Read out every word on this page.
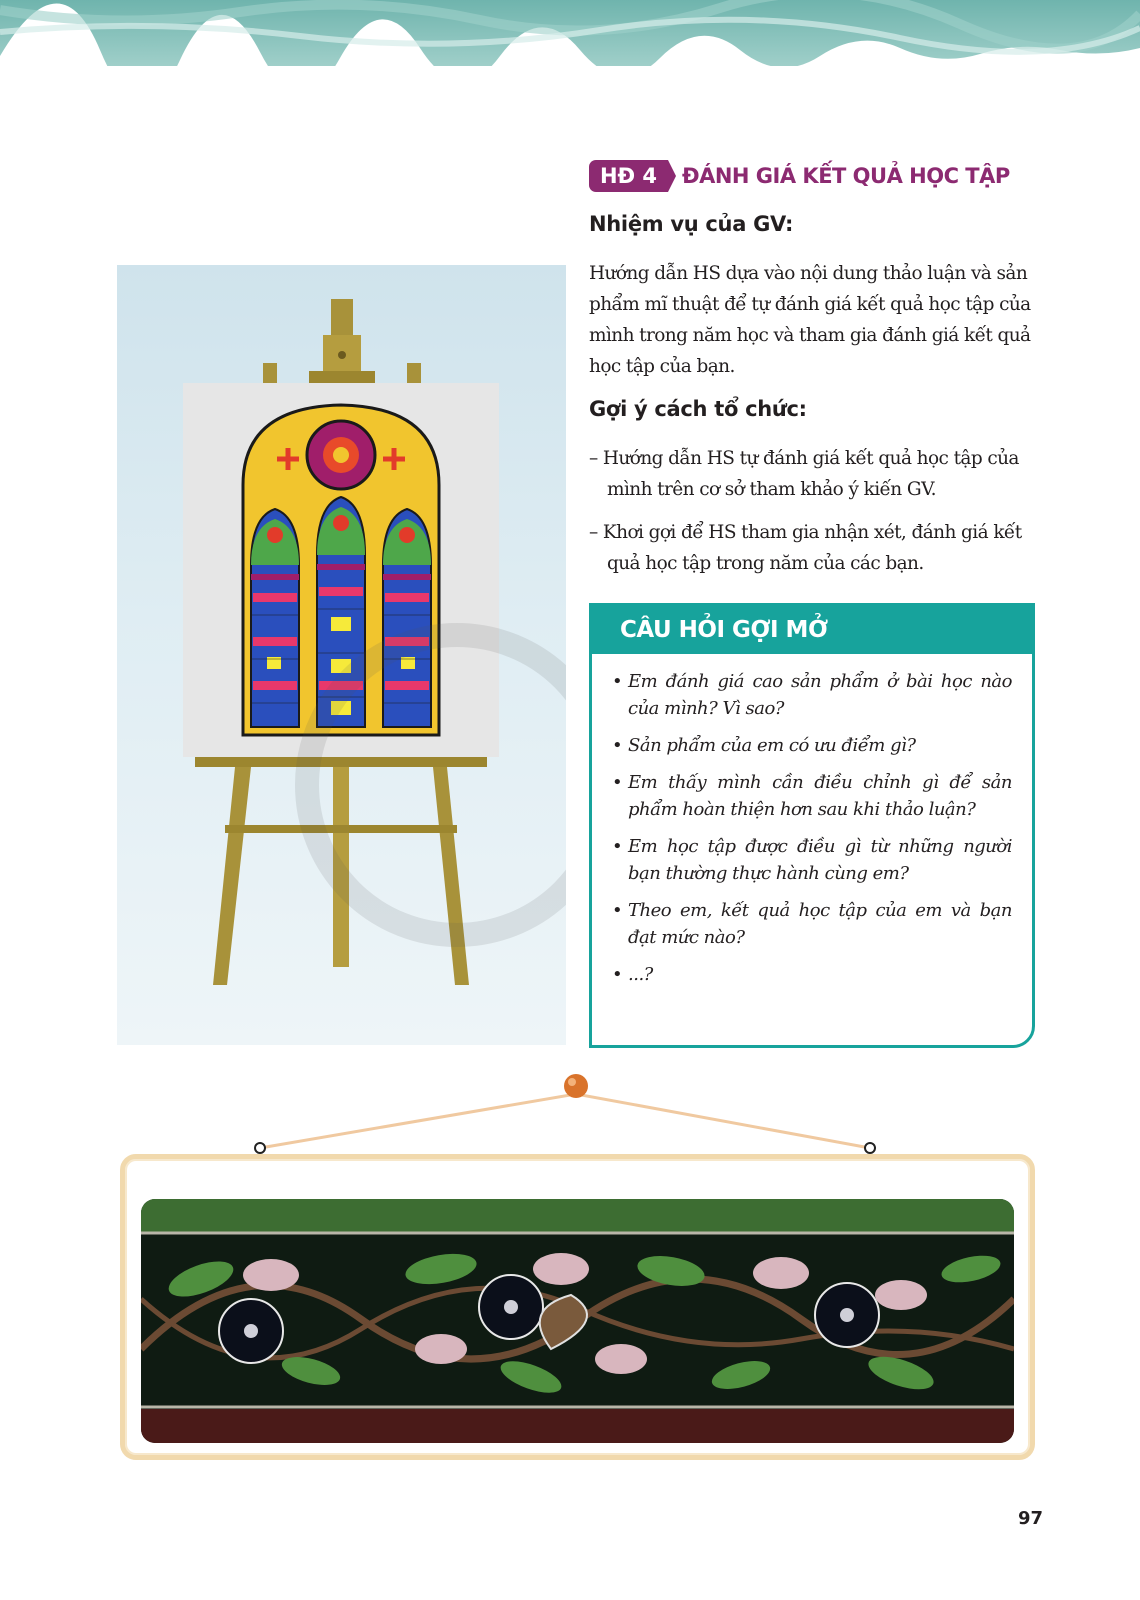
HĐ 4	ĐÁNH GIÁ KẾT QUẢ HỌC TẬP
Nhiệm vụ của GV:

Hướng dẫn HS dựa vào nội dung thảo luận và sản phẩm mĩ thuật để tự đánh giá kết quả học tập của mình trong năm học và tham gia đánh giá kết quả học tập của bạn.

Gợi ý cách tổ chức:

– Hướng dẫn HS tự đánh giá kết quả học tập của mình trên cơ sở tham khảo ý kiến GV.

– Khơi gợi để HS tham gia nhận xét, đánh giá kết quả học tập trong năm của các bạn.

CÂU HỎI GỢI MỞ
• Em đánh giá cao sản phẩm ở bài học nào của mình? Vì sao?
• Sản phẩm của em có ưu điểm gì?
• Em thấy mình cần điều chỉnh gì để sản phẩm hoàn thiện hơn sau khi thảo luận?
• Em học tập được điều gì từ những người bạn thường thực hành cùng em?
• Theo em, kết quả học tập của em và bạn đạt mức nào?
• ...?
97
